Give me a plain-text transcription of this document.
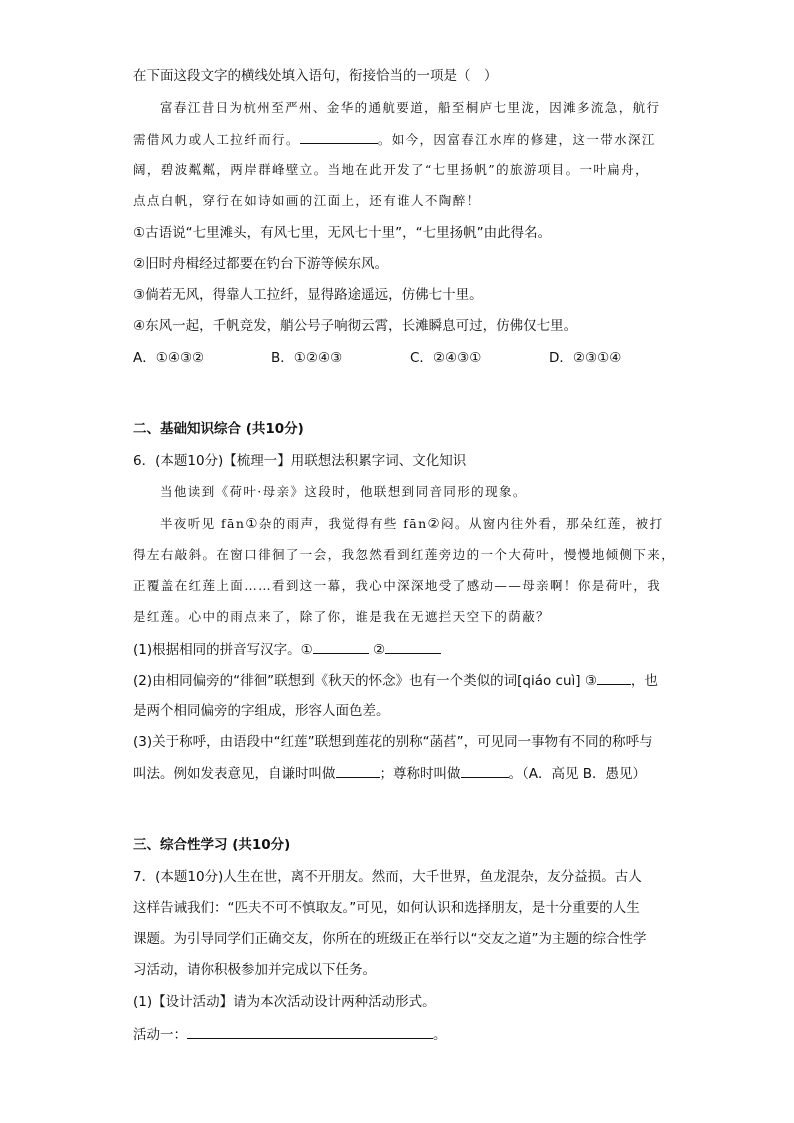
在下面这段文字的横线处填入语句，衔接恰当的一项是（　）
富春江昔日为杭州至严州、金华的通航要道，船至桐庐七里泷，因滩多流急，航行
需借风力或人工拉纤而行。	。如今，因富春江水库的修建，这一带水深江
阔，碧波粼粼，两岸群峰壁立。当地在此开发了“七里扬帆”的旅游项目。一叶扁舟，
点点白帆，穿行在如诗如画的江面上，还有谁人不陶醉！
①古语说“七里滩头，有风七里，无风七十里”，“七里扬帆”由此得名。
②旧时舟楫经过都要在钓台下游等候东风。
③倘若无风，得靠人工拉纤，显得路途遥远，仿佛七十里。
④东风一起，千帆竞发，艄公号子响彻云霄，长滩瞬息可过，仿佛仅七里。
A．①④③②	B．①②④③	C．②④③①	D．②③①④
二、基础知识综合 (共10分)
6．(本题10分)【梳理一】用联想法积累字词、文化知识
当他读到《荷叶·母亲》这段时，他联想到同音同形的现象。
半夜听见 fān①杂的雨声，我觉得有些 fān②闷。从窗内往外看，那朵红莲，被打
得左右敲斜。在窗口徘徊了一会，我忽然看到红莲旁边的一个大荷叶，慢慢地倾侧下来，
正覆盖在红莲上面……看到这一幕，我心中深深地受了感动——母亲啊！你是荷叶，我
是红莲。心中的雨点来了，除了你，谁是我在无遮拦天空下的荫蔽？
(1)根据相同的拼音写汉字。①	②
(2)由相同偏旁的“徘徊”联想到《秋天的怀念》也有一个类似的词[qiáo cuì] ③	，也
是两个相同偏旁的字组成，形容人面色差。
(3)关于称呼，由语段中“红莲”联想到莲花的别称“菡萏”，可见同一事物有不同的称呼与
叫法。例如发表意见，自谦时叫做	；尊称时叫做	。（A．高见 B．愚见）
三、综合性学习 (共10分)
7．(本题10分)人生在世，离不开朋友。然而，大千世界，鱼龙混杂，友分益损。古人
这样告诫我们：“匹夫不可不慎取友。”可见，如何认识和选择朋友，是十分重要的人生
课题。为引导同学们正确交友，你所在的班级正在举行以“交友之道”为主题的综合性学
习活动，请你积极参加并完成以下任务。
(1)【设计活动】请为本次活动设计两种活动形式。
活动一：	。
